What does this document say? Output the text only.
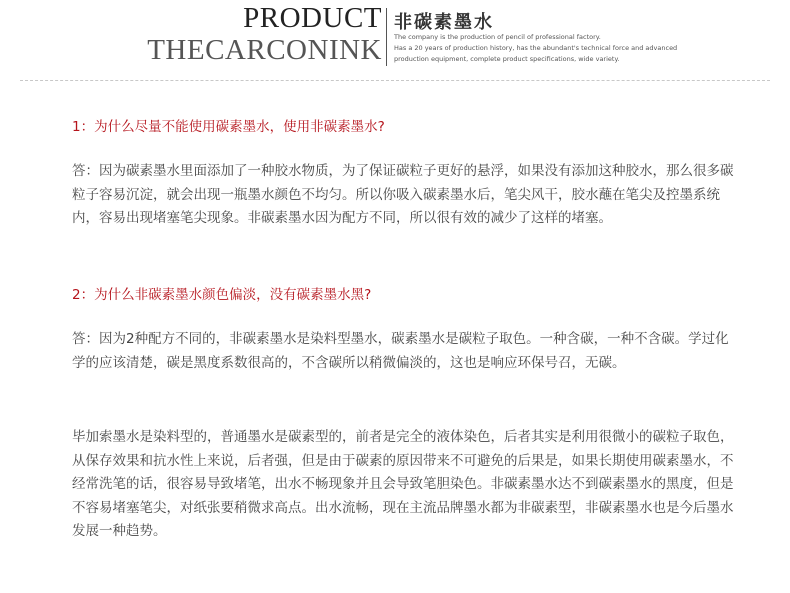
PRODUCT
THECARCONINK
非碳素墨水
The company is the production of pencil of professional factory.
Has a 20 years of production history, has the abundant's technical force and advanced
production equipment, complete product specifications, wide variety.

1：为什么尽量不能使用碳素墨水，使用非碳素墨水?

答：因为碳素墨水里面添加了一种胶水物质，为了保证碳粒子更好的悬浮，如果没有添加这种胶水，那么很多碳粒子容易沉淀，就会出现一瓶墨水颜色不均匀。所以你吸入碳素墨水后，笔尖风干，胶水蘸在笔尖及控墨系统内，容易出现堵塞笔尖现象。非碳素墨水因为配方不同，所以很有效的减少了这样的堵塞。

2：为什么非碳素墨水颜色偏淡，没有碳素墨水黑?

答：因为2种配方不同的，非碳素墨水是染料型墨水，碳素墨水是碳粒子取色。一种含碳，一种不含碳。学过化学的应该清楚，碳是黑度系数很高的，不含碳所以稍微偏淡的，这也是响应环保号召，无碳。

毕加索墨水是染料型的，普通墨水是碳素型的，前者是完全的液体染色，后者其实是利用很微小的碳粒子取色，从保存效果和抗水性上来说，后者强，但是由于碳素的原因带来不可避免的后果是，如果长期使用碳素墨水，不经常洗笔的话，很容易导致堵笔，出水不畅现象并且会导致笔胆染色。非碳素墨水达不到碳素墨水的黑度，但是不容易堵塞笔尖，对纸张要稍微求高点。出水流畅，现在主流品牌墨水都为非碳素型，非碳素墨水也是今后墨水发展一种趋势。
